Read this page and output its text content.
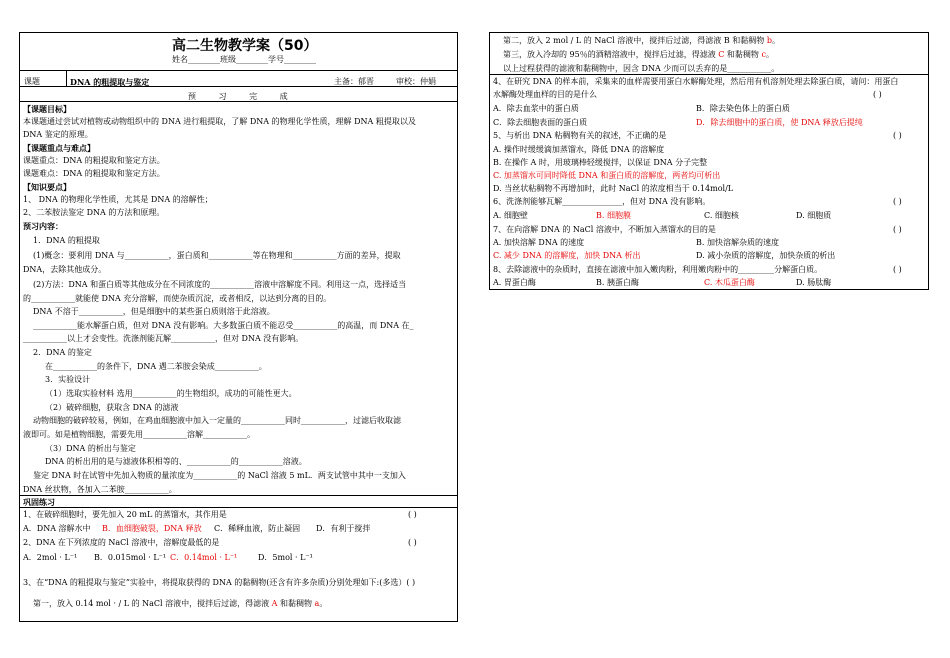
高二生物教学案（50）
姓名________班级________学号________
课题	DNA 的粗提取与鉴定	主备：郁晋	审校：仲娟
预 习 完 成
【课题目标】
本课题通过尝试对植物或动物组织中的 DNA 进行粗提取，了解 DNA 的物理化学性质，理解 DNA 粗提取以及
DNA 鉴定的原理。
【课题重点与难点】
课题重点：DNA 的粗提取和鉴定方法。
课题难点：DNA 的粗提取和鉴定方法。
【知识要点】
1、 DNA 的物理化学性质，尤其是 DNA 的溶解性；
2、二苯胺法鉴定 DNA 的方法和原理。
预习内容：
1．DNA 的粗提取
(1)概念：要利用 DNA 与___________，蛋白质和___________等在物理和___________方面的差异，提取
DNA，去除其他成分。
(2)方法：DNA 和蛋白质等其他成分在不同浓度的___________溶液中溶解度不同。利用这一点，选择适当
的___________就能使 DNA 充分溶解，而使杂质沉淀，或者相反，以达到分离的目的。
DNA 不溶于___________，但是细胞中的某些蛋白质则溶于此溶液。
___________能水解蛋白质，但对 DNA 没有影响。大多数蛋白质不能忍受___________的高温，而 DNA 在_
___________以上才会变性。洗涤剂能瓦解___________，但对 DNA 没有影响。
2．DNA 的鉴定
在___________的条件下，DNA 遇二苯胺会染成___________。
3．实验设计
（1）选取实验材料 选用___________的生物组织，成功的可能性更大。
（2）破碎细胞，获取含 DNA 的滤液
动物细胞的破碎较易，例如，在鸡血细胞液中加入一定量的___________同时___________，过滤后收取滤
液即可。如是植物细胞，需要先用___________溶解___________。
（3）DNA 的析出与鉴定
DNA 的析出用的是与滤液体积相等的、___________的___________溶液。
鉴定 DNA 时在试管中先加入物质的量浓度为___________的 NaCl 溶液 5 mL．两支试管中其中一支加入
DNA 丝状物，各加入二苯胺___________。
巩固练习
1、在破碎细胞时，要先加入 20 mL 的蒸馏水，其作用是	( )
A．DNA 溶解水中 B．血细胞破裂，DNA 释放 C．稀释血液，防止凝固 D．有利于搅拌
2、DNA 在下列浓度的 NaCl 溶液中，溶解度最低的是	( )
A．2mol · L⁻¹ B．0.015mol · L⁻¹ C．0.14mol · L⁻¹	D．5mol · L⁻¹
3、在“DNA 的粗提取与鉴定”实验中，将提取获得的 DNA 的黏稠物(还含有许多杂质)分别处理如下:(多选）( )
第一，放入 0.14 mol · / L 的 NaCl 溶液中，搅拌后过滤，得滤液 A 和黏稠物 a。
第二，放入 2 mol / L 的 NaCl 溶液中，搅拌后过滤，得滤液 B 和黏稠物 b。
第三，放入冷却的 95％的酒精溶液中，搅拌后过滤，得滤液 C 和黏稠物 c。
以上过程获得的滤液和黏稠物中，因含 DNA 少而可以丢弃的是___________。
4、在研究 DNA 的样本前，采集来的血样需要用蛋白水解酶处理，然后用有机溶剂处理去除蛋白质，请问：用蛋白
水解酶处理血样的目的是什么	( )
A．除去血浆中的蛋白质	B．除去染色体上的蛋白质
C．除去细胞表面的蛋白质	D．除去细胞中的蛋白质，使 DNA 释放后提纯
5、与析出 DNA 粘稠物有关的叙述，不正确的是	( )
A. 操作时缓缓滴加蒸馏水，降低 DNA 的溶解度
B. 在操作 A 时，用玻璃棒轻缓搅拌，以保证 DNA 分子完整
C. 加蒸馏水可同时降低 DNA 和蛋白质的溶解度，两者均可析出
D. 当丝状粘稠物不再增加时，此时 NaCl 的浓度相当于 0.14mol/L
6、洗涤剂能够瓦解_______________，但对 DNA 没有影响。	( )
A. 细胞壁	B. 细胞膜	C. 细胞核	D. 细胞质
7、在向溶解 DNA 的 NaCl 溶液中，不断加入蒸馏水的目的是	( )
A. 加快溶解 DNA 的速度	B. 加快溶解杂质的速度
C. 减少 DNA 的溶解度，加快 DNA 析出	D. 减小杂质的溶解度，加快杂质的析出
8、去除滤液中的杂质时，直接在滤液中加入嫩肉粉，利用嫩肉粉中的_________分解蛋白质。	( )
A. 胃蛋白酶	B. 胰蛋白酶	C. 木瓜蛋白酶	D. 肠肽酶
